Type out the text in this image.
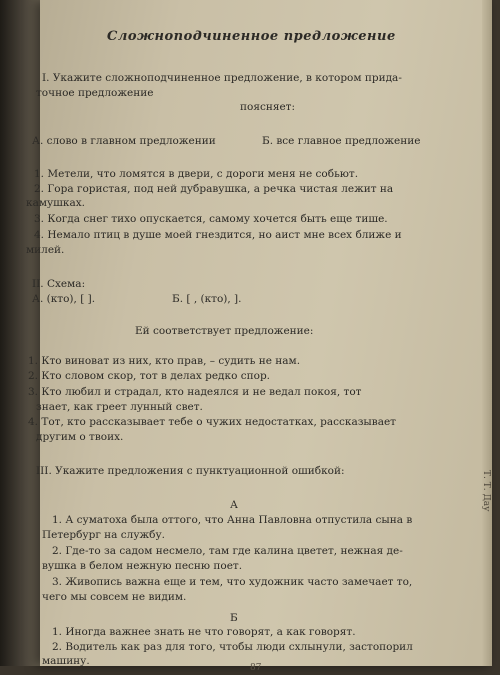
Сложноподчиненное предложение
I. Укажите сложноподчиненное предложение, в котором прида-
точное предложение
поясняет:
А. слово в главном предложении	Б. все главное предложение
1. Метели, что ломятся в двери, с дороги меня не собьют.
2. Гора гористая, под ней дубравушка, а речка чистая лежит на
камушках.
3. Когда снег тихо опускается, самому хочется быть еще тише.
4. Немало птиц в душе моей гнездится, но аист мне всех ближе и
милей.
II. Схема:
А. (кто), [ ].	Б. [ , (кто), ].
Ей соответствует предложение:
1. Кто виноват из них, кто прав, – судить не нам.
2. Кто словом скор, тот в делах редко спор.
3. Кто любил и страдал, кто надеялся и не ведал покоя, тот
знает, как греет лунный свет.
4. Тот, кто рассказывает тебе о чужих недостатках, рассказывает
другим о твоих.
III. Укажите предложения с пунктуационной ошибкой:
А
1. А суматоха была оттого, что Анна Павловна отпустила сына в
Петербург на службу.
2. Где-то за садом несмело, там где калина цветет, нежная де-
вушка в белом нежную песню поет.
3. Живопись важна еще и тем, что художник часто замечает то,
чего мы совсем не видим.
Б
1. Иногда важнее знать не что говорят, а как говорят.
2. Водитель как раз для того, чтобы люди схлынули, застопорил
машину.
87
Т. Т. Дау
